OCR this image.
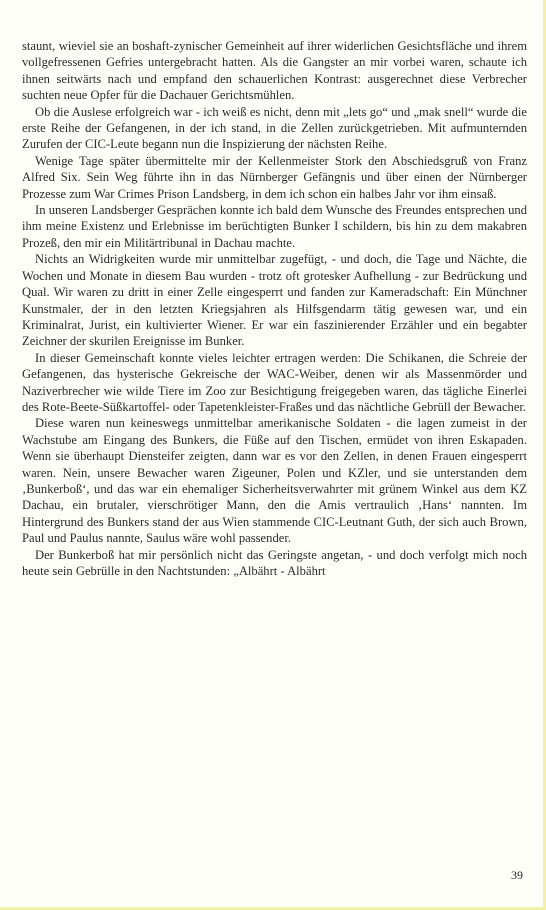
staunt, wieviel sie an boshaft-zynischer Gemeinheit auf ihrer widerlichen Gesichtsfläche und ihrem vollgefressenen Gefries untergebracht hatten. Als die Gangster an mir vorbei waren, schaute ich ihnen seitwärts nach und empfand den schauerlichen Kontrast: ausgerechnet diese Verbrecher suchten neue Opfer für die Dachauer Gerichtsmühlen.

Ob die Auslese erfolgreich war - ich weiß es nicht, denn mit „lets go“ und „mak snell“ wurde die erste Reihe der Gefangenen, in der ich stand, in die Zellen zurückgetrieben. Mit aufmunternden Zurufen der CIC-Leute begann nun die Inspizierung der nächsten Reihe.

Wenige Tage später übermittelte mir der Kellenmeister Stork den Abschiedsgruß von Franz Alfred Six. Sein Weg führte ihn in das Nürnberger Gefängnis und über einen der Nürnberger Prozesse zum War Crimes Prison Landsberg, in dem ich schon ein halbes Jahr vor ihm einsaß.

In unseren Landsberger Gesprächen konnte ich bald dem Wunsche des Freundes entsprechen und ihm meine Existenz und Erlebnisse im berüchtigten Bunker I schildern, bis hin zu dem makabren Prozeß, den mir ein Militärtribunal in Dachau machte.

Nichts an Widrigkeiten wurde mir unmittelbar zugefügt, - und doch, die Tage und Nächte, die Wochen und Monate in diesem Bau wurden - trotz oft grotesker Aufhellung - zur Bedrückung und Qual. Wir waren zu dritt in einer Zelle eingesperrt und fanden zur Kameradschaft: Ein Münchner Kunstmaler, der in den letzten Kriegsjahren als Hilfsgendarm tätig gewesen war, und ein Kriminalrat, Jurist, ein kultivierter Wiener. Er war ein faszinierender Erzähler und ein begabter Zeichner der skurilen Ereignisse im Bunker.

In dieser Gemeinschaft konnte vieles leichter ertragen werden: Die Schikanen, die Schreie der Gefangenen, das hysterische Gekreische der WAC-Weiber, denen wir als Massenmörder und Naziverbrecher wie wilde Tiere im Zoo zur Besichtigung freigegeben waren, das tägliche Einerlei des Rote-Beete-Süßkartoffel- oder Tapetenkleister-Fraßes und das nächtliche Gebrüll der Bewacher.

Diese waren nun keineswegs unmittelbar amerikanische Soldaten - die lagen zumeist in der Wachstube am Eingang des Bunkers, die Füße auf den Tischen, ermüdet von ihren Eskapaden. Wenn sie überhaupt Diensteifer zeigten, dann war es vor den Zellen, in denen Frauen eingesperrt waren. Nein, unsere Bewacher waren Zigeuner, Polen und KZler, und sie unterstanden dem ‚Bunkerboß‘, und das war ein ehemaliger Sicherheitsverwahrter mit grünem Winkel aus dem KZ Dachau, ein brutaler, vierschrötiger Mann, den die Amis vertraulich ‚Hans‘ nannten. Im Hintergrund des Bunkers stand der aus Wien stammende CIC-Leutnant Guth, der sich auch Brown, Paul und Paulus nannte, Saulus wäre wohl passender.

Der Bunkerboß hat mir persönlich nicht das Geringste angetan, - und doch verfolgt mich noch heute sein Gebrülle in den Nachtstunden: „Albährt - Albährt

39
